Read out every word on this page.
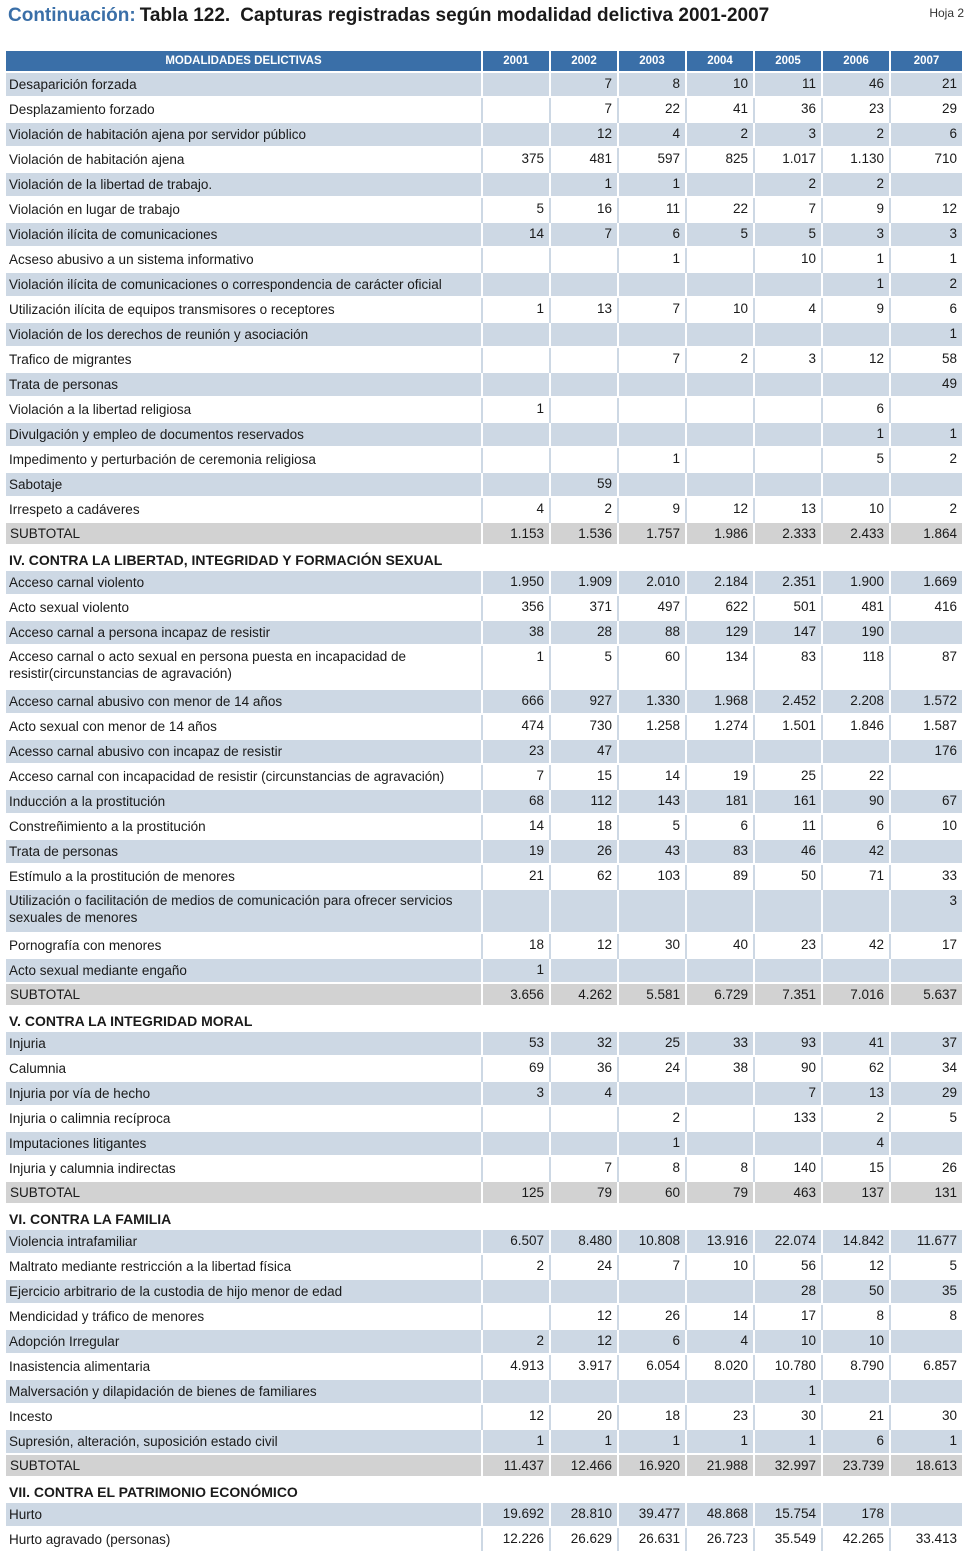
Continuación: Tabla 122. Capturas registradas según modalidad delictiva 2001-2007	Hoja 2
MODALIDADES DELICTIVAS	2001	2002	2003	2004	2005	2006	2007
Desaparición forzada		7	8	10	11	46	21
Desplazamiento forzado		7	22	41	36	23	29
Violación de habitación ajena por servidor público		12	4	2	3	2	6
Violación de habitación ajena	375	481	597	825	1.017	1.130	710
Violación de la libertad de trabajo.		1	1		2	2	
Violación en lugar de trabajo	5	16	11	22	7	9	12
Violación ilícita de comunicaciones	14	7	6	5	5	3	3
Acseso abusivo a un sistema informativo			1		10	1	1
Violación ilícita de comunicaciones o correspondencia de carácter oficial						1	2
Utilización ilícita de equipos transmisores o receptores	1	13	7	10	4	9	6
Violación de los derechos de reunión y asociación							1
Trafico de migrantes			7	2	3	12	58
Trata de personas							49
Violación a la libertad religiosa	1					6	
Divulgación y empleo de documentos reservados						1	1
Impedimento y perturbación de ceremonia religiosa			1			5	2
Sabotaje		59					
Irrespeto a cadáveres	4	2	9	12	13	10	2
SUBTOTAL	1.153	1.536	1.757	1.986	2.333	2.433	1.864
IV. CONTRA LA LIBERTAD, INTEGRIDAD Y FORMACIÓN SEXUAL							
Acceso carnal violento	1.950	1.909	2.010	2.184	2.351	1.900	1.669
Acto sexual violento	356	371	497	622	501	481	416
Acceso carnal a persona incapaz de resistir	38	28	88	129	147	190	
Acceso carnal o acto sexual en persona puesta en incapacidad de resistir(circunstancias de agravación)	1	5	60	134	83	118	87
Acceso carnal abusivo con menor de 14 años	666	927	1.330	1.968	2.452	2.208	1.572
Acto sexual con menor de 14 años	474	730	1.258	1.274	1.501	1.846	1.587
Acesso carnal abusivo con incapaz de resistir	23	47					176
Acceso carnal con incapacidad de resistir (circunstancias de agravación)	7	15	14	19	25	22	
Inducción a la prostitución	68	112	143	181	161	90	67
Constreñimiento a la prostitución	14	18	5	6	11	6	10
Trata de personas	19	26	43	83	46	42	
Estímulo a la prostitución de menores	21	62	103	89	50	71	33
Utilización o facilitación de medios de comunicación para ofrecer servicios sexuales de menores							3
Pornografía con menores	18	12	30	40	23	42	17
Acto sexual mediante engaño	1						
SUBTOTAL	3.656	4.262	5.581	6.729	7.351	7.016	5.637
V. CONTRA LA INTEGRIDAD MORAL							
Injuria	53	32	25	33	93	41	37
Calumnia	69	36	24	38	90	62	34
Injuria por vía de hecho	3	4			7	13	29
Injuria o calimnia recíproca			2		133	2	5
Imputaciones litigantes			1			4	
Injuria y calumnia indirectas		7	8	8	140	15	26
SUBTOTAL	125	79	60	79	463	137	131
VI. CONTRA LA FAMILIA							
Violencia intrafamiliar	6.507	8.480	10.808	13.916	22.074	14.842	11.677
Maltrato mediante restricción a la libertad física	2	24	7	10	56	12	5
Ejercicio arbitrario de la custodia de hijo menor de edad					28	50	35
Mendicidad y tráfico de menores		12	26	14	17	8	8
Adopción Irregular	2	12	6	4	10	10	
Inasistencia alimentaria	4.913	3.917	6.054	8.020	10.780	8.790	6.857
Malversación y dilapidación de bienes de familiares					1		
Incesto	12	20	18	23	30	21	30
Supresión, alteración, suposición estado civil	1	1	1	1	1	6	1
SUBTOTAL	11.437	12.466	16.920	21.988	32.997	23.739	18.613
VII. CONTRA EL PATRIMONIO ECONÓMICO							
Hurto	19.692	28.810	39.477	48.868	15.754	178	
Hurto agravado (personas)	12.226	26.629	26.631	26.723	35.549	42.265	33.413
